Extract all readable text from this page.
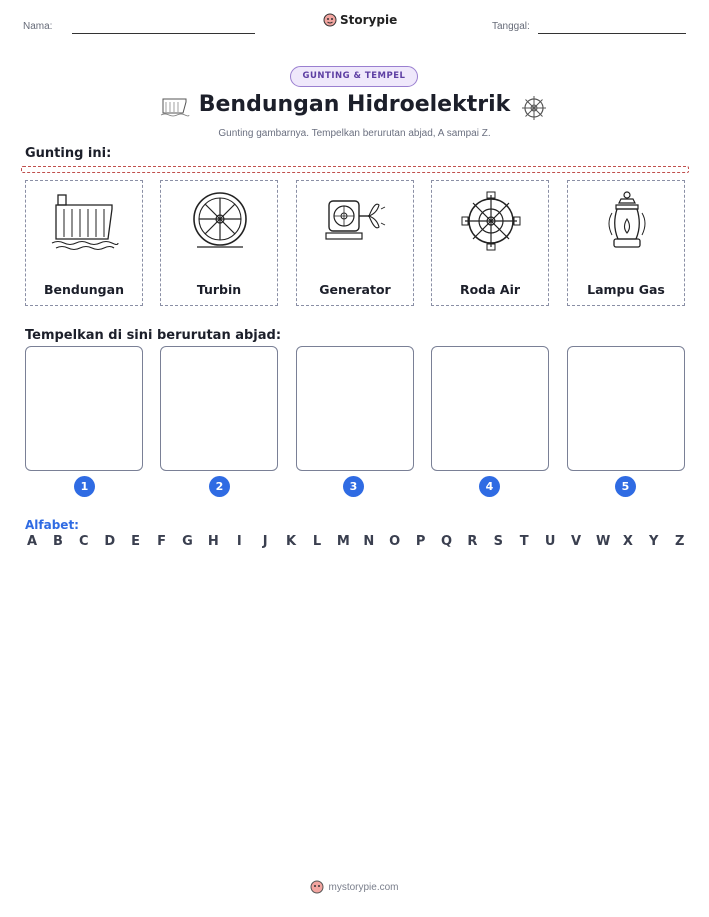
Nama:	Storypie	Tanggal:
GUNTING & TEMPEL
Bendungan Hidroelektrik
Gunting gambarnya. Tempelkan berurutan abjad, A sampai Z.
Gunting ini:
Bendungan	Turbin	Generator	Roda Air	Lampu Gas
Tempelkan di sini berurutan abjad:
1	2	3	4	5
Alfabet:
A B C D E F G H I J K L M N O P Q R S T U V W X Y Z
mystorypie.com
